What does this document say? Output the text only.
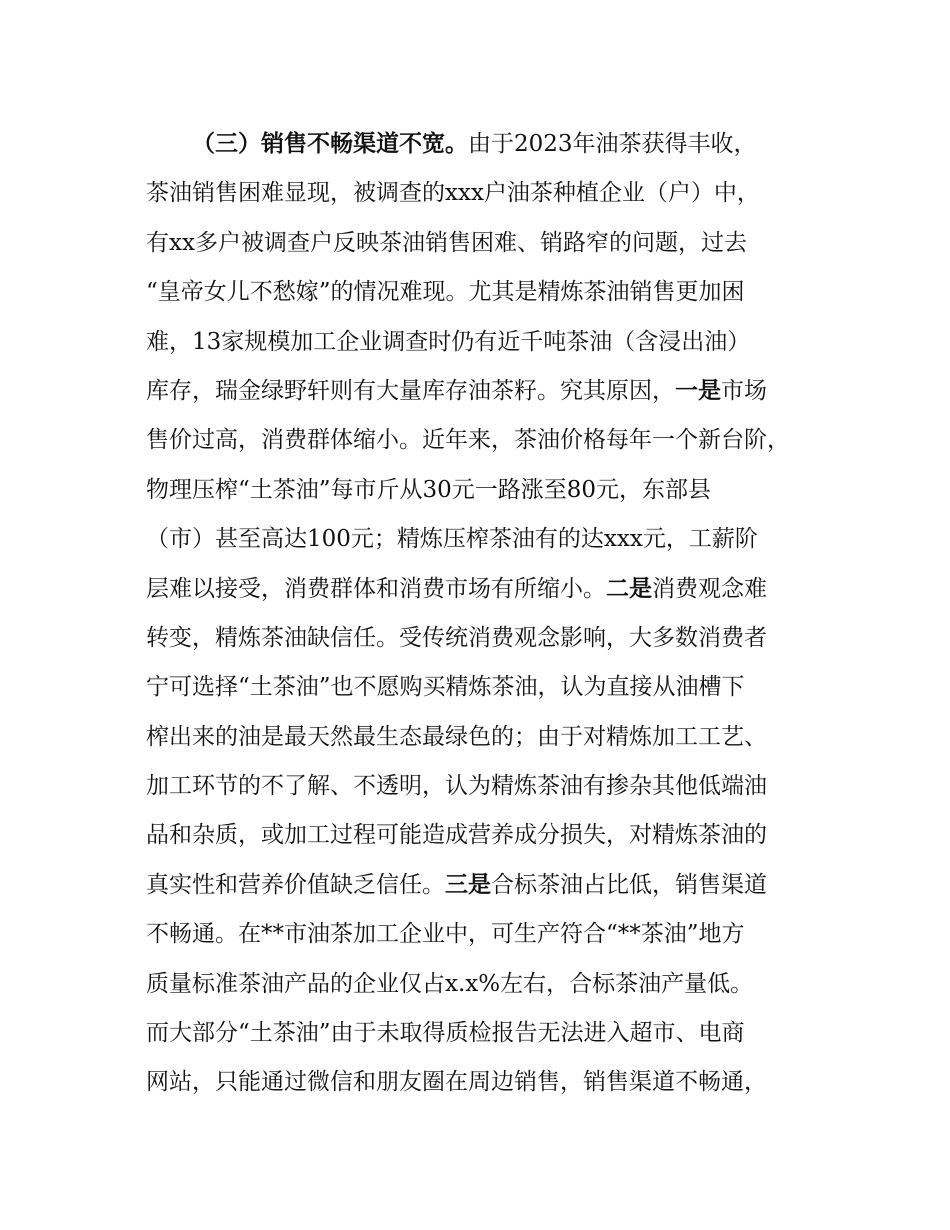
（三）销售不畅渠道不宽。由于2023年油茶获得丰收，
茶油销售困难显现，被调查的xxx户油茶种植企业（户）中，
有xx多户被调查户反映茶油销售困难、销路窄的问题，过去
“皇帝女儿不愁嫁”的情况难现。尤其是精炼茶油销售更加困
难，13家规模加工企业调查时仍有近千吨茶油（含浸出油）
库存，瑞金绿野轩则有大量库存油茶籽。究其原因，一是市场
售价过高，消费群体缩小。近年来，茶油价格每年一个新台阶，
物理压榨“土茶油”每市斤从30元一路涨至80元，东部县
（市）甚至高达100元；精炼压榨茶油有的达xxx元，工薪阶
层难以接受，消费群体和消费市场有所缩小。二是消费观念难
转变，精炼茶油缺信任。受传统消费观念影响，大多数消费者
宁可选择“土茶油”也不愿购买精炼茶油，认为直接从油槽下
榨出来的油是最天然最生态最绿色的；由于对精炼加工工艺、
加工环节的不了解、不透明，认为精炼茶油有掺杂其他低端油
品和杂质，或加工过程可能造成营养成分损失，对精炼茶油的
真实性和营养价值缺乏信任。三是合标茶油占比低，销售渠道
不畅通。在**市油茶加工企业中，可生产符合“**茶油”地方
质量标准茶油产品的企业仅占x.x%左右，合标茶油产量低。
而大部分“土茶油”由于未取得质检报告无法进入超市、电商
网站，只能通过微信和朋友圈在周边销售，销售渠道不畅通，
